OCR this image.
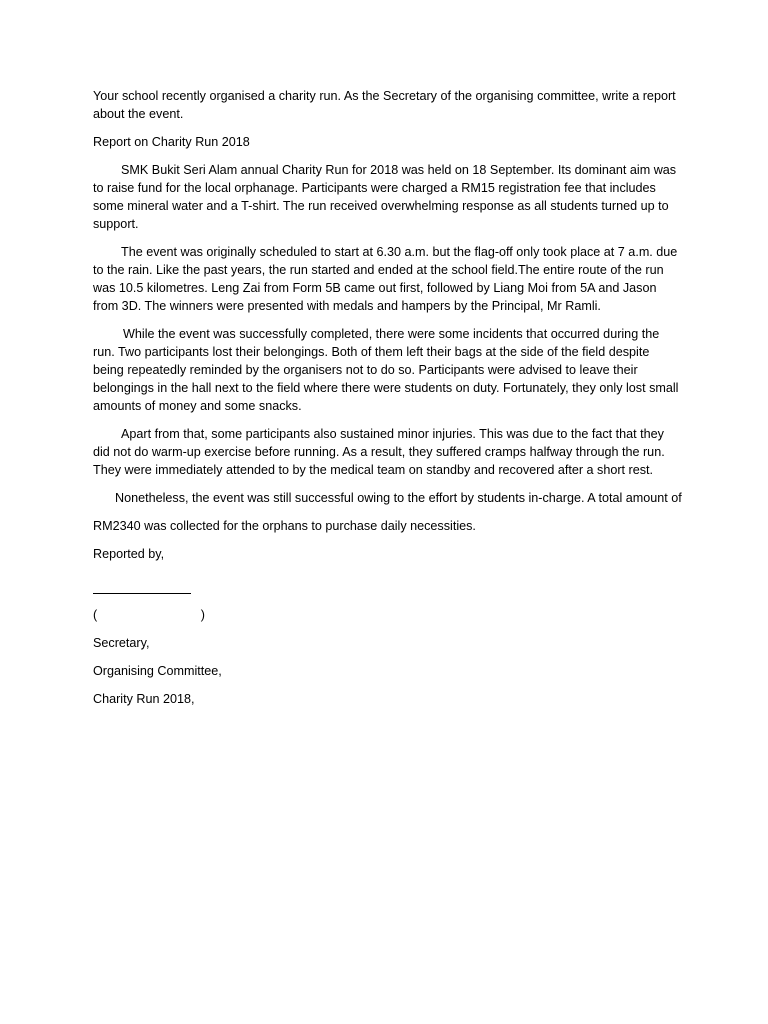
Your school recently organised a charity run. As the Secretary of the organising committee, write a report about the event.

Report on Charity Run 2018

SMK Bukit Seri Alam annual Charity Run for 2018 was held on 18 September. Its dominant aim was to raise fund for the local orphanage. Participants were charged a RM15 registration fee that includes some mineral water and a T-shirt. The run received overwhelming response as all students turned up to support.

The event was originally scheduled to start at 6.30 a.m. but the flag-off only took place at 7 a.m. due to the rain. Like the past years, the run started and ended at the school field.The entire route of the run was 10.5 kilometres. Leng Zai from Form 5B came out first, followed by Liang Moi from 5A and Jason from 3D. The winners were presented with medals and hampers by the Principal, Mr Ramli.

While the event was successfully completed, there were some incidents that occurred during the run. Two participants lost their belongings. Both of them left their bags at the side of the field despite being repeatedly reminded by the organisers not to do so. Participants were advised to leave their belongings in the hall next to the field where there were students on duty. Fortunately, they only lost small amounts of money and some snacks.

Apart from that, some participants also sustained minor injuries. This was due to the fact that they did not do warm-up exercise before running. As a result, they suffered cramps halfway through the run. They were immediately attended to by the medical team on standby and recovered after a short rest.

Nonetheless, the event was still successful owing to the effort by students in-charge. A total amount of

RM2340 was collected for the orphans to purchase daily necessities.

Reported by,

(	)

Secretary,

Organising Committee,

Charity Run 2018,
